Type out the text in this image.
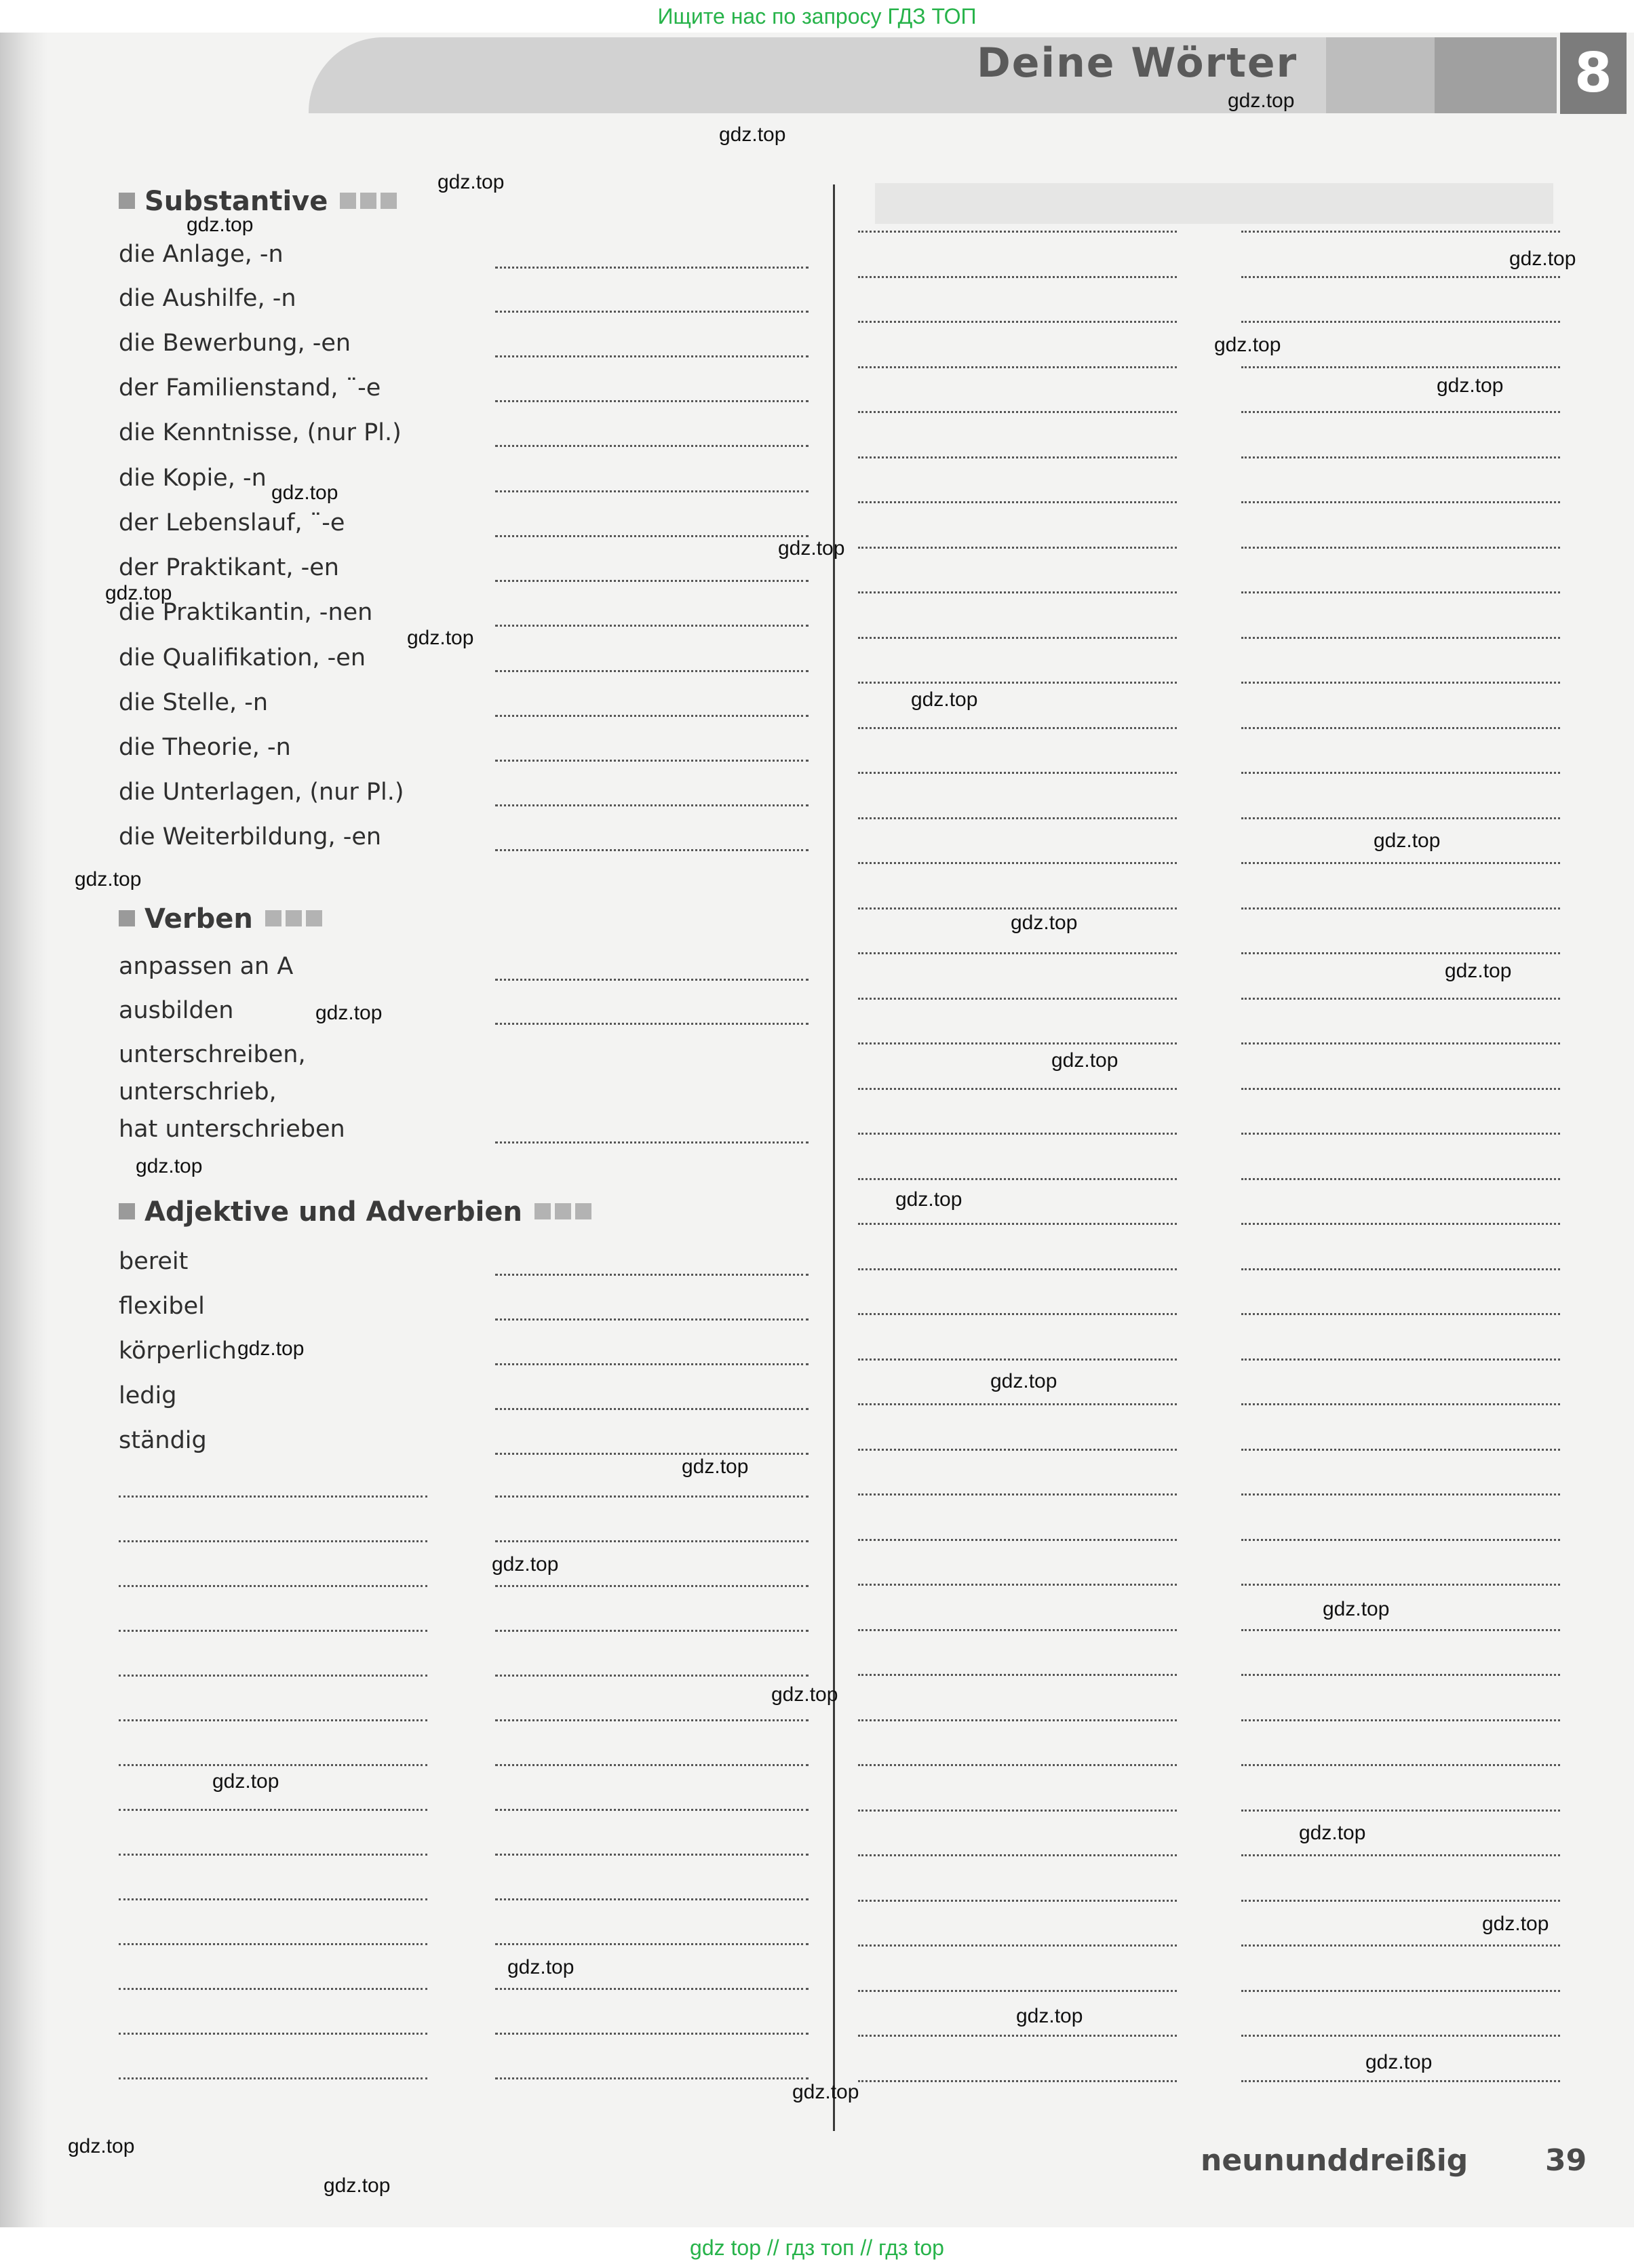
Deine Wörter	8
Substantive
die Anlage, -n
die Aushilfe, -n
die Bewerbung, -en
der Familienstand, ¨-e
die Kenntnisse, (nur Pl.)
die Kopie, -n
der Lebenslauf, ¨-e
der Praktikant, -en
die Praktikantin, -nen
die Qualifikation, -en
die Stelle, -n
die Theorie, -n
die Unterlagen, (nur Pl.)
die Weiterbildung, -en
Verben
anpassen an A
ausbilden
unterschreiben,
unterschrieb,
hat unterschrieben
Adjektive und Adverbien
bereit
flexibel
körperlich
ledig
ständig
gdz.top
gdz.top
gdz.top
gdz.top
gdz.top
gdz.top
gdz.top
gdz.top
gdz.top
gdz.top
gdz.top
gdz.top
gdz.top
gdz.top
gdz.top
gdz.top
gdz.top
gdz.top
gdz.top
gdz.top
gdz.top
gdz.top
gdz.top
gdz.top
gdz.top
gdz.top
gdz.top
gdz.top
gdz.top
gdz.top
gdz.top
gdz.top
gdz.top
gdz.top
gdz.top
neununddreißig	39
Ищите нас по запросу ГДЗ ТОП
gdz top // гдз топ // гдз top
